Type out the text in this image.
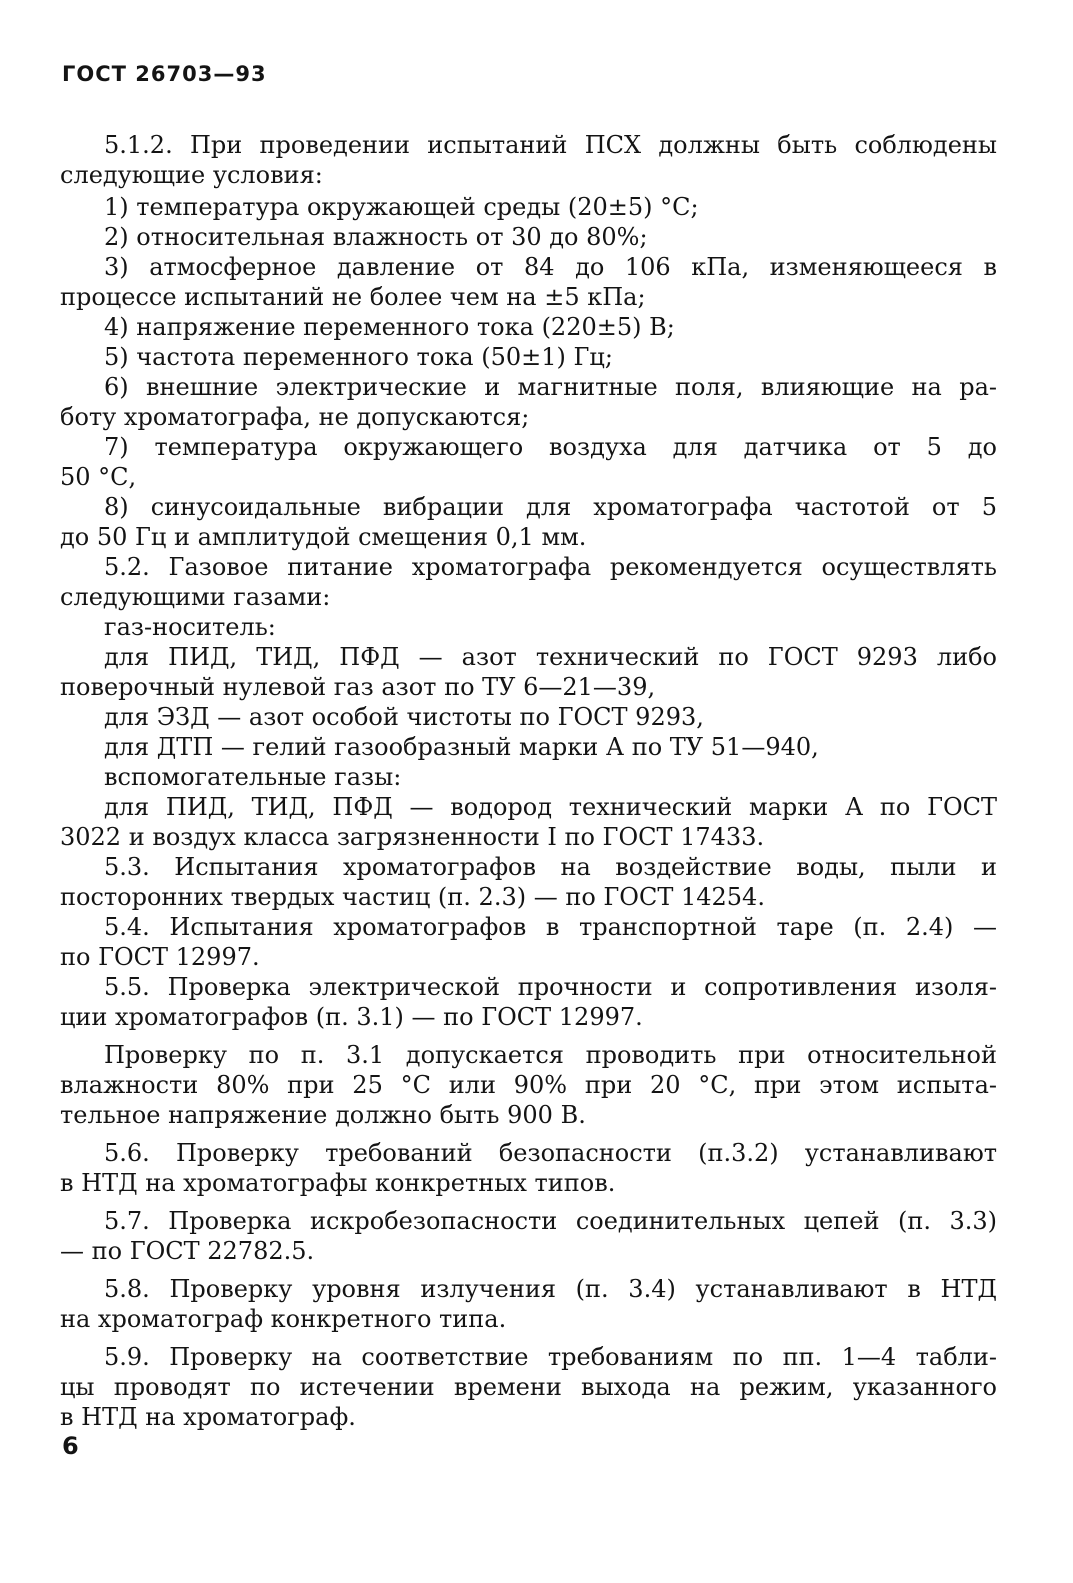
ГОСТ 26703—93
5.1.2. При проведении испытаний ПСХ должны быть соблюдены
следующие условия:
1) температура окружающей среды (20±5) °С;
2) относительная влажность от 30 до 80%;
3) атмосферное давление от 84 до 106 кПа, изменяющееся в
процессе испытаний не более чем на ±5 кПа;
4) напряжение переменного тока (220±5) В;
5) частота переменного тока (50±1) Гц;
6) внешние электрические и магнитные поля, влияющие на ра-
боту хроматографа, не допускаются;
7) температура окружающего воздуха для датчика от 5 до
50 °С,
8) синусоидальные вибрации для хроматографа частотой от 5
до 50 Гц и амплитудой смещения 0,1 мм.
5.2. Газовое питание хроматографа рекомендуется осуществлять
следующими газами:
газ-носитель:
для ПИД, ТИД, ПФД — азот технический по ГОСТ 9293 либо
поверочный нулевой газ азот по ТУ 6—21—39,
для ЭЗД — азот особой чистоты по ГОСТ 9293,
для ДТП — гелий газообразный марки А по ТУ 51—940,
вспомогательные газы:
для ПИД, ТИД, ПФД — водород технический марки А по ГОСТ
3022 и воздух класса загрязненности I по ГОСТ 17433.
5.3. Испытания хроматографов на воздействие воды, пыли и
посторонних твердых частиц (п. 2.3) — по ГОСТ 14254.
5.4. Испытания хроматографов в транспортной таре (п. 2.4) —
по ГОСТ 12997.
5.5. Проверка электрической прочности и сопротивления изоля-
ции хроматографов (п. 3.1) — по ГОСТ 12997.
Проверку по п. 3.1 допускается проводить при относительной
влажности 80% при 25 °С или 90% при 20 °С, при этом испыта-
тельное напряжение должно быть 900 В.
5.6. Проверку требований безопасности (п.3.2) устанавливают
в НТД на хроматографы конкретных типов.
5.7. Проверка искробезопасности соединительных цепей (п. 3.3)
— по ГОСТ 22782.5.
5.8. Проверку уровня излучения (п. 3.4) устанавливают в НТД
на хроматограф конкретного типа.
5.9. Проверку на соответствие требованиям по пп. 1—4 табли-
цы проводят по истечении времени выхода на режим, указанного
в НТД на хроматограф.
6
